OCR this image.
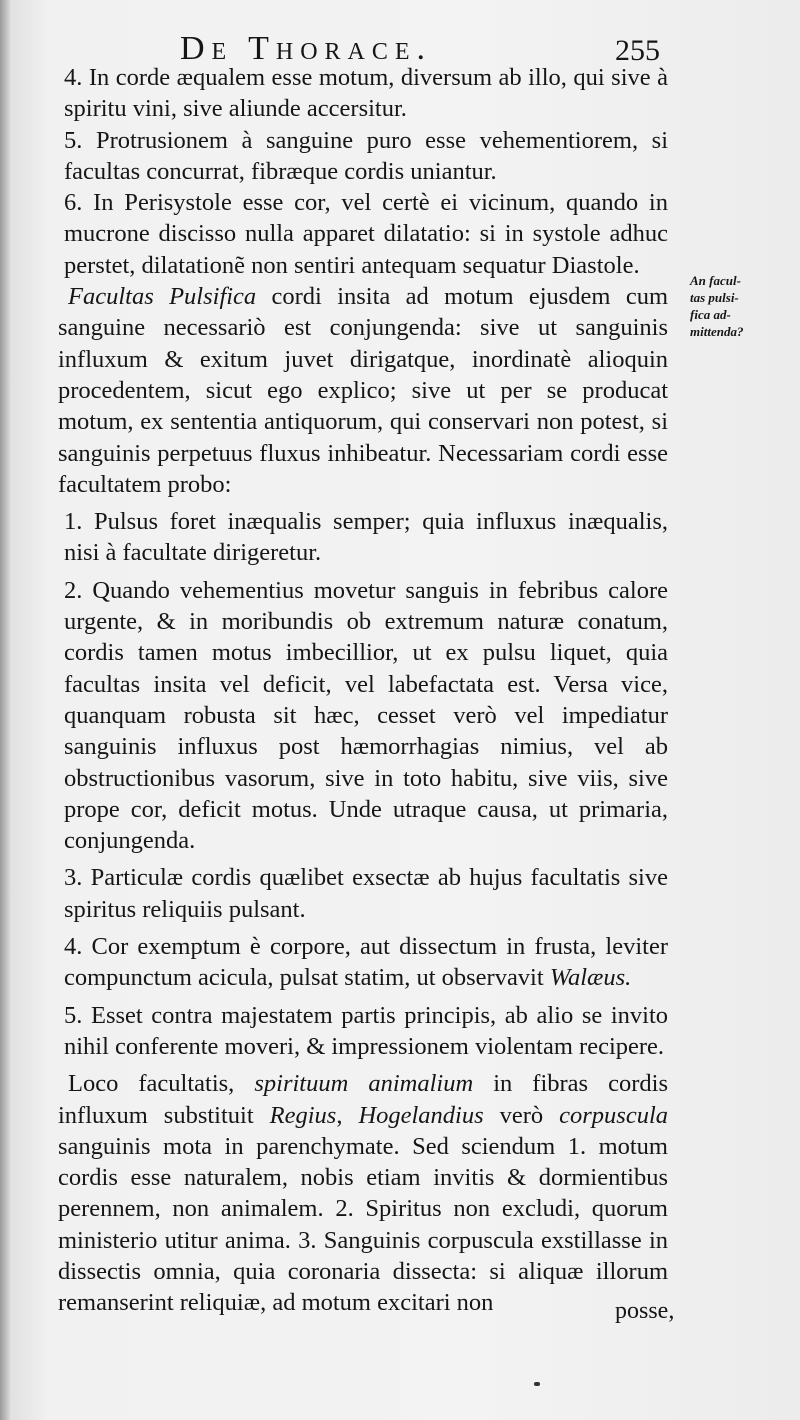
De Thorace.	255

4. In corde æqualem esse motum, diversum ab illo, qui sive à spiritu vini, sive aliunde accersitur.

5. Protrusionem à sanguine puro esse vehementiorem, si facultas concurrat, fibræque cordis uniantur.

6. In Perisystole esse cor, vel certè ei vicinum, quando in mucrone discisso nulla apparet dilatatio: si in systole adhuc perstet, dilatationẽ non sentiri antequam sequatur Diastole.

Facultas Pulsifica cordi insita ad motum ejusdem cum sanguine necessariò est conjungenda: sive ut sanguinis influxum & exitum juvet dirigatque, inordinatè alioquin procedentem, sicut ego explico; sive ut per se producat motum, ex sententia antiquorum, qui conservari non potest, si sanguinis perpetuus fluxus inhibeatur. Necessariam cordi esse facultatem probo:

1. Pulsus foret inæqualis semper; quia influxus inæqualis, nisi à facultate dirigeretur.

2. Quando vehementius movetur sanguis in febribus calore urgente, & in moribundis ob extremum naturæ conatum, cordis tamen motus imbecillior, ut ex pulsu liquet, quia facultas insita vel deficit, vel labefactata est. Versa vice, quanquam robusta sit hæc, cesset verò vel impediatur sanguinis influxus post hæmorrhagias nimius, vel ab obstructionibus vasorum, sive in toto habitu, sive viis, sive prope cor, deficit motus. Unde utraque causa, ut primaria, conjungenda.

3. Particulæ cordis quælibet exsectæ ab hujus facultatis sive spiritus reliquiis pulsant.

4. Cor exemptum è corpore, aut dissectum in frusta, leviter compunctum acicula, pulsat statim, ut observavit Walæus.

5. Esset contra majestatem partis principis, ab alio se invito nihil conferente moveri, & impressionem violentam recipere.

Loco facultatis, spirituum animalium in fibras cordis influxum substituit Regius, Hogelandius verò corpuscula sanguinis mota in parenchymate. Sed sciendum 1. motum cordis esse naturalem, nobis etiam invitis & dormientibus perennem, non animalem. 2. Spiritus non excludi, quorum ministerio utitur anima. 3. Sanguinis corpuscula exstillasse in dissectis omnia, quia coronaria dissecta: si aliquæ illorum remanserint reliquiæ, ad motum excitari non

An facul-
tas pulsi-
fica ad-
mittenda?
posse,
